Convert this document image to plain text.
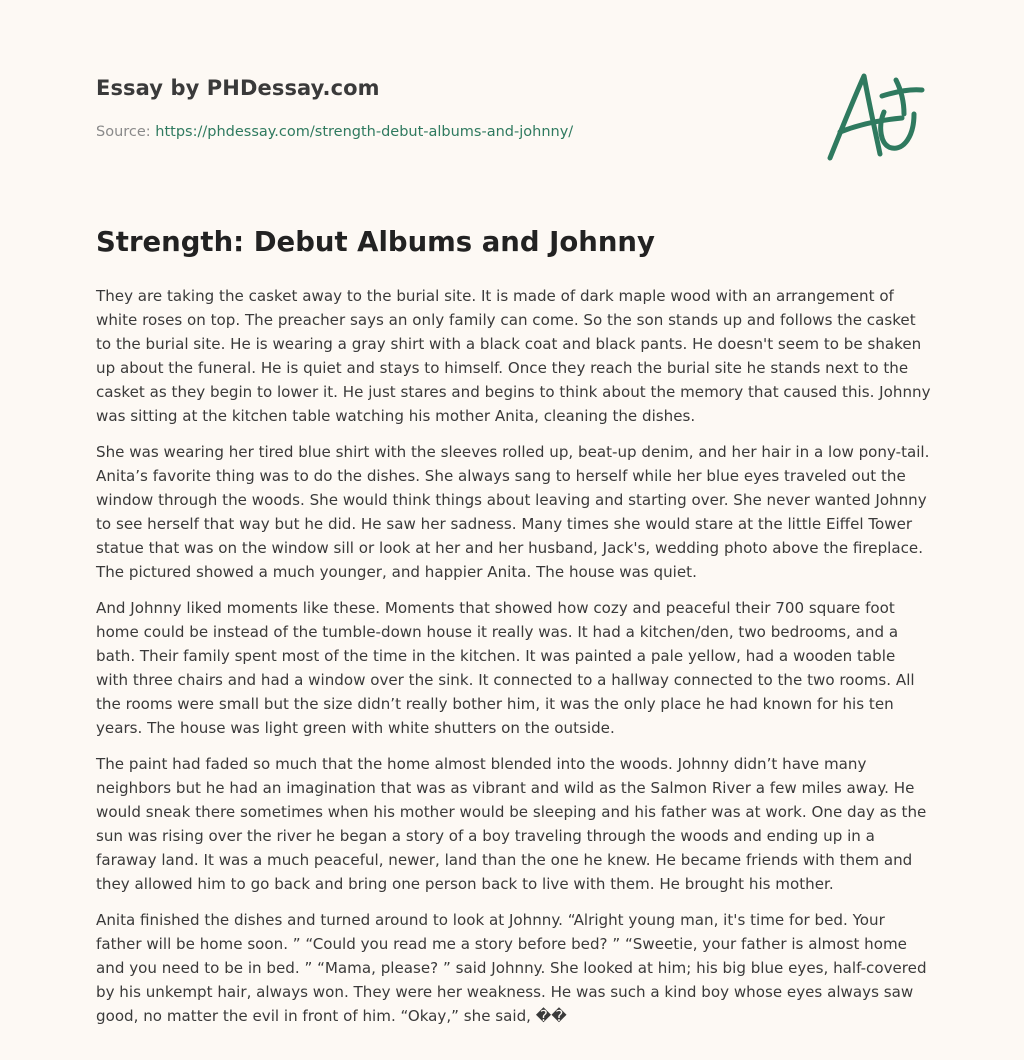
Essay by PHDessay.com
Source: https://phdessay.com/strength-debut-albums-and-johnny/
Strength: Debut Albums and Johnny

They are taking the casket away to the burial site. It is made of dark maple wood with an arrangement of white roses on top. The preacher says an only family can come. So the son stands up and follows the casket to the burial site. He is wearing a gray shirt with a black coat and black pants. He doesn't seem to be shaken up about the funeral. He is quiet and stays to himself. Once they reach the burial site he stands next to the casket as they begin to lower it. He just stares and begins to think about the memory that caused this. Johnny was sitting at the kitchen table watching his mother Anita, cleaning the dishes.

She was wearing her tired blue shirt with the sleeves rolled up, beat-up denim, and her hair in a low pony-tail. Anita’s favorite thing was to do the dishes. She always sang to herself while her blue eyes traveled out the window through the woods. She would think things about leaving and starting over. She never wanted Johnny to see herself that way but he did. He saw her sadness. Many times she would stare at the little Eiffel Tower statue that was on the window sill or look at her and her husband, Jack's, wedding photo above the fireplace. The pictured showed a much younger, and happier Anita. The house was quiet.

And Johnny liked moments like these. Moments that showed how cozy and peaceful their 700 square foot home could be instead of the tumble-down house it really was. It had a kitchen/den, two bedrooms, and a bath. Their family spent most of the time in the kitchen. It was painted a pale yellow, had a wooden table with three chairs and had a window over the sink. It connected to a hallway connected to the two rooms. All the rooms were small but the size didn’t really bother him, it was the only place he had known for his ten years. The house was light green with white shutters on the outside.

The paint had faded so much that the home almost blended into the woods. Johnny didn’t have many neighbors but he had an imagination that was as vibrant and wild as the Salmon River a few miles away. He would sneak there sometimes when his mother would be sleeping and his father was at work. One day as the sun was rising over the river he began a story of a boy traveling through the woods and ending up in a faraway land. It was a much peaceful, newer, land than the one he knew. He became friends with them and they allowed him to go back and bring one person back to live with them. He brought his mother.

Anita finished the dishes and turned around to look at Johnny. “Alright young man, it's time for bed. Your father will be home soon. ” “Could you read me a story before bed? ” “Sweetie, your father is almost home and you need to be in bed. ” “Mama, please? ” said Johnny. She looked at him; his big blue eyes, half-covered by his unkempt hair, always won. They were her weakness. He was such a kind boy whose eyes always saw good, no matter the evil in front of him. “Okay,” she said, ��
